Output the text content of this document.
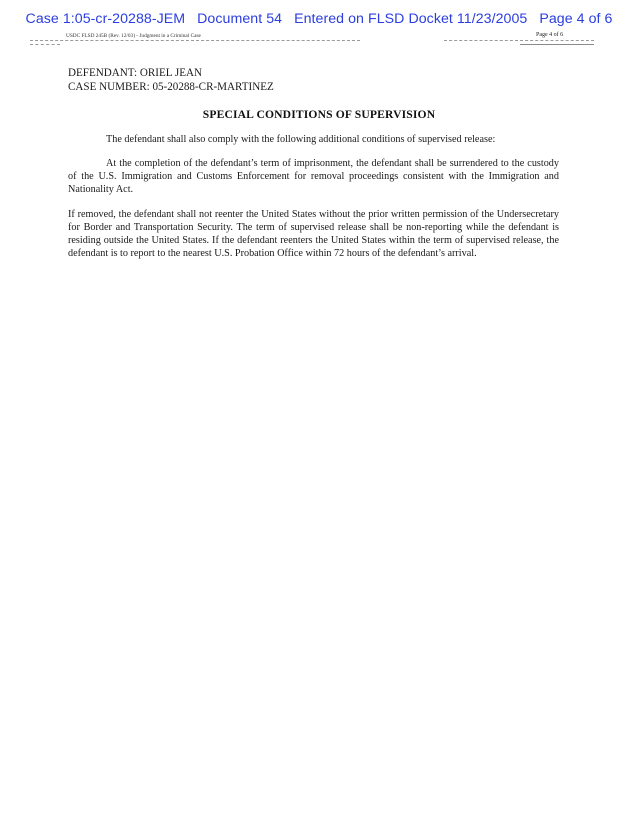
Case 1:05-cr-20288-JEM Document 54 Entered on FLSD Docket 11/23/2005 Page 4 of 6
USDC FLSD 245B (Rev. 12/03) - Judgment in a Criminal Case	Page 4 of 6
DEFENDANT: ORIEL JEAN
CASE NUMBER: 05-20288-CR-MARTINEZ
SPECIAL CONDITIONS OF SUPERVISION

The defendant shall also comply with the following additional conditions of supervised release:

At the completion of the defendant’s term of imprisonment, the defendant shall be surrendered to the custody of the U.S. Immigration and Customs Enforcement for removal proceedings consistent with the Immigration and Nationality Act.

If removed, the defendant shall not reenter the United States without the prior written permission of the Undersecretary for Border and Transportation Security. The term of supervised release shall be non-reporting while the defendant is residing outside the United States. If the defendant reenters the United States within the term of supervised release, the defendant is to report to the nearest U.S. Probation Office within 72 hours of the defendant’s arrival.
